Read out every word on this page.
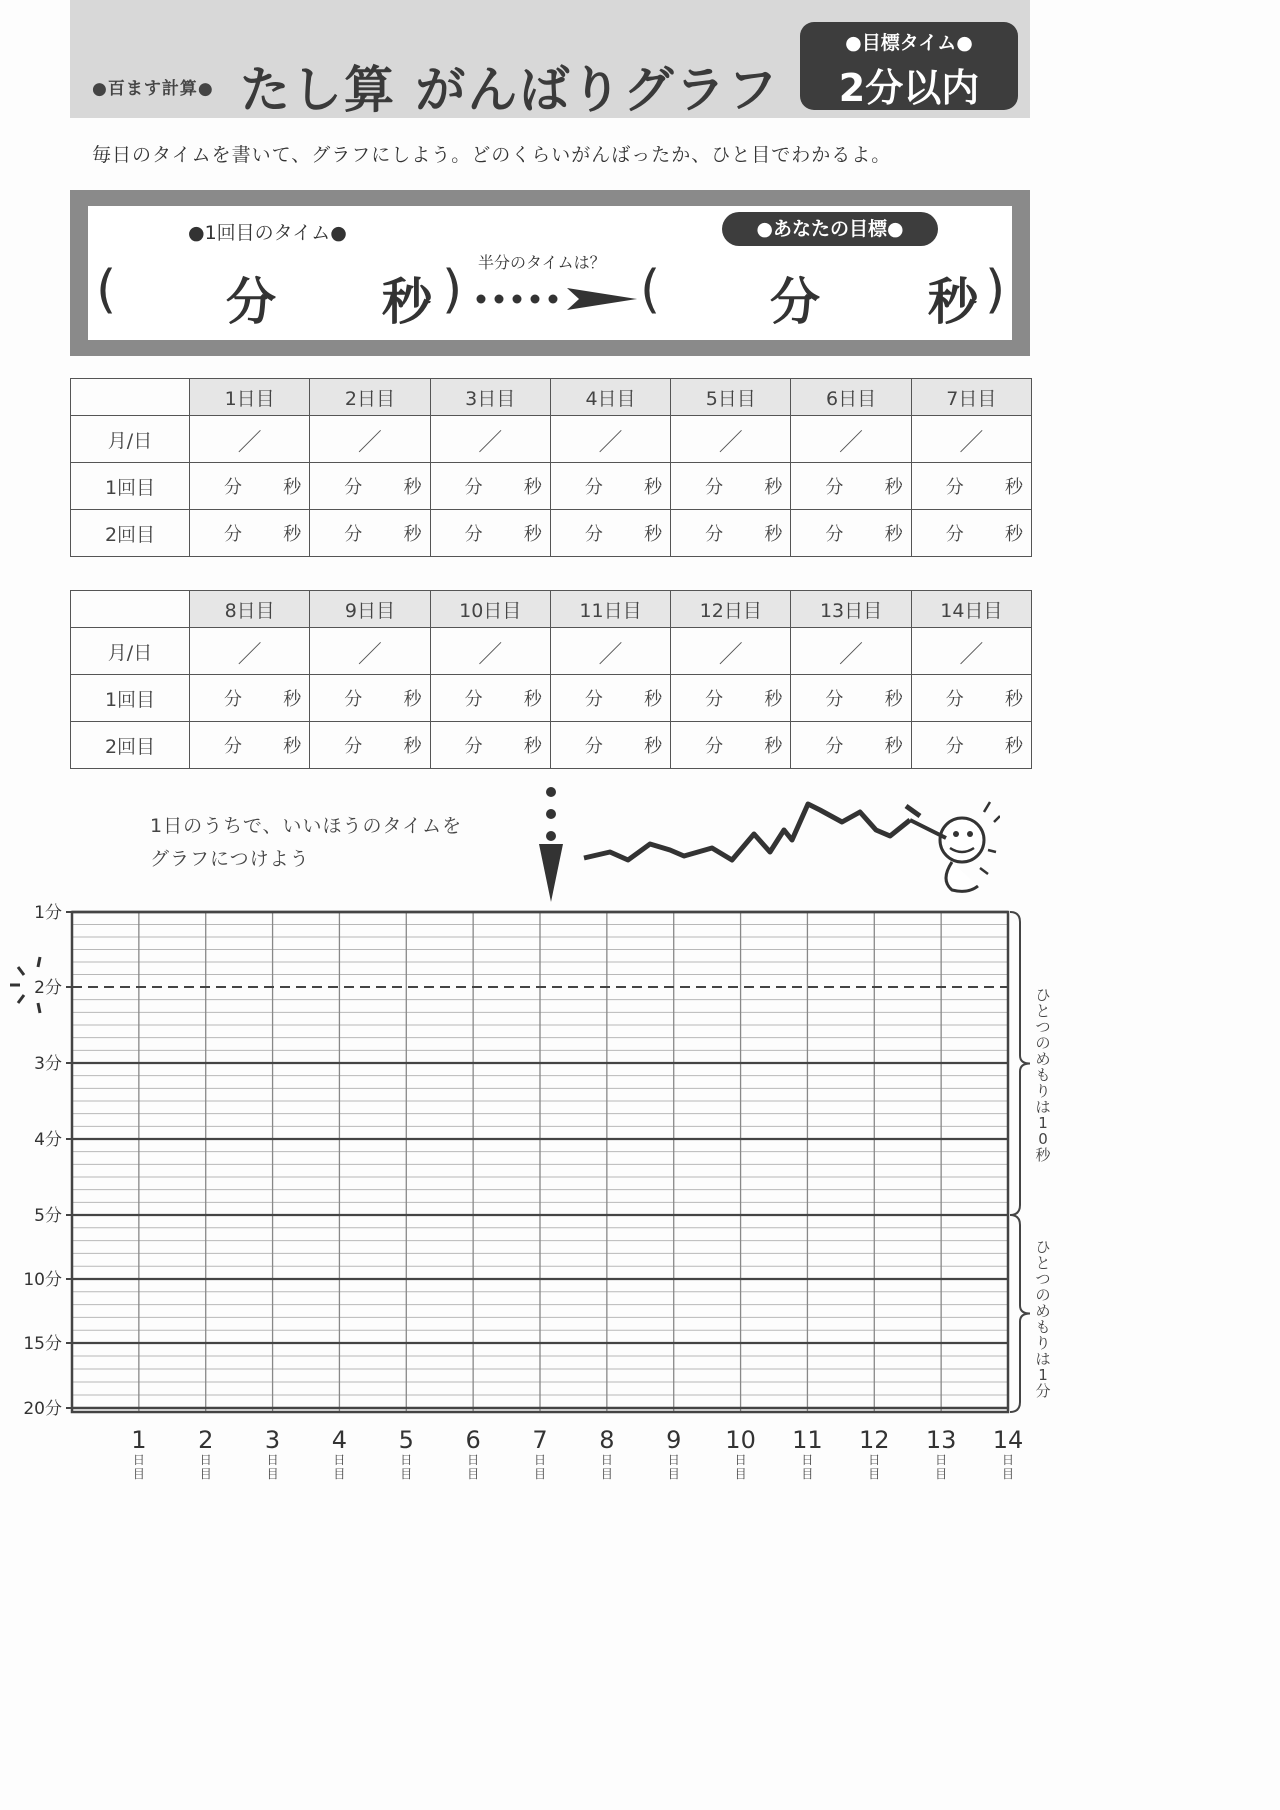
●百ます計算● たし算 がんばりグラフ
●目標タイム●
2分以内
毎日のタイムを書いて、グラフにしよう。どのくらいがんばったか、ひと目でわかるよ。
●1回目のタイム●	●あなたの目標●
半分のタイムは？
( 分 秒 )	( 分 秒 )
	1日目	2日目	3日目	4日目	5日目	6日目	7日目
月/日	／	／	／	／	／	／	／
1回目	分 秒	分 秒	分 秒	分 秒	分 秒	分 秒	分 秒

2回目	分 秒	分 秒	分 秒	分 秒	分 秒	分 秒	分 秒
	8日目	9日目	10日目	11日目	12日目	13日目	14日目
月/日	／	／	／	／	／	／	／
1回目	分 秒	分 秒	分 秒	分 秒	分 秒	分 秒	分 秒

2回目	分 秒	分 秒	分 秒	分 秒	分 秒	分 秒	分 秒
1日のうちで、いいほうのタイムを
グラフにつけよう
1分
2分
3分
4分
5分
10分
15分
20分
1
日
目
2
日
目
3
日
目
4
日
目
5
日
目
6
日
目
7
日
目
8
日
目
9
日
目
10
日
目
11
日
目
12
日
目
13
日
目
14
日
目
ひ
と
つ
の
め
も
り
は
1
0
秒
ひ
と
つ
の
め
も
り
は
1
分
